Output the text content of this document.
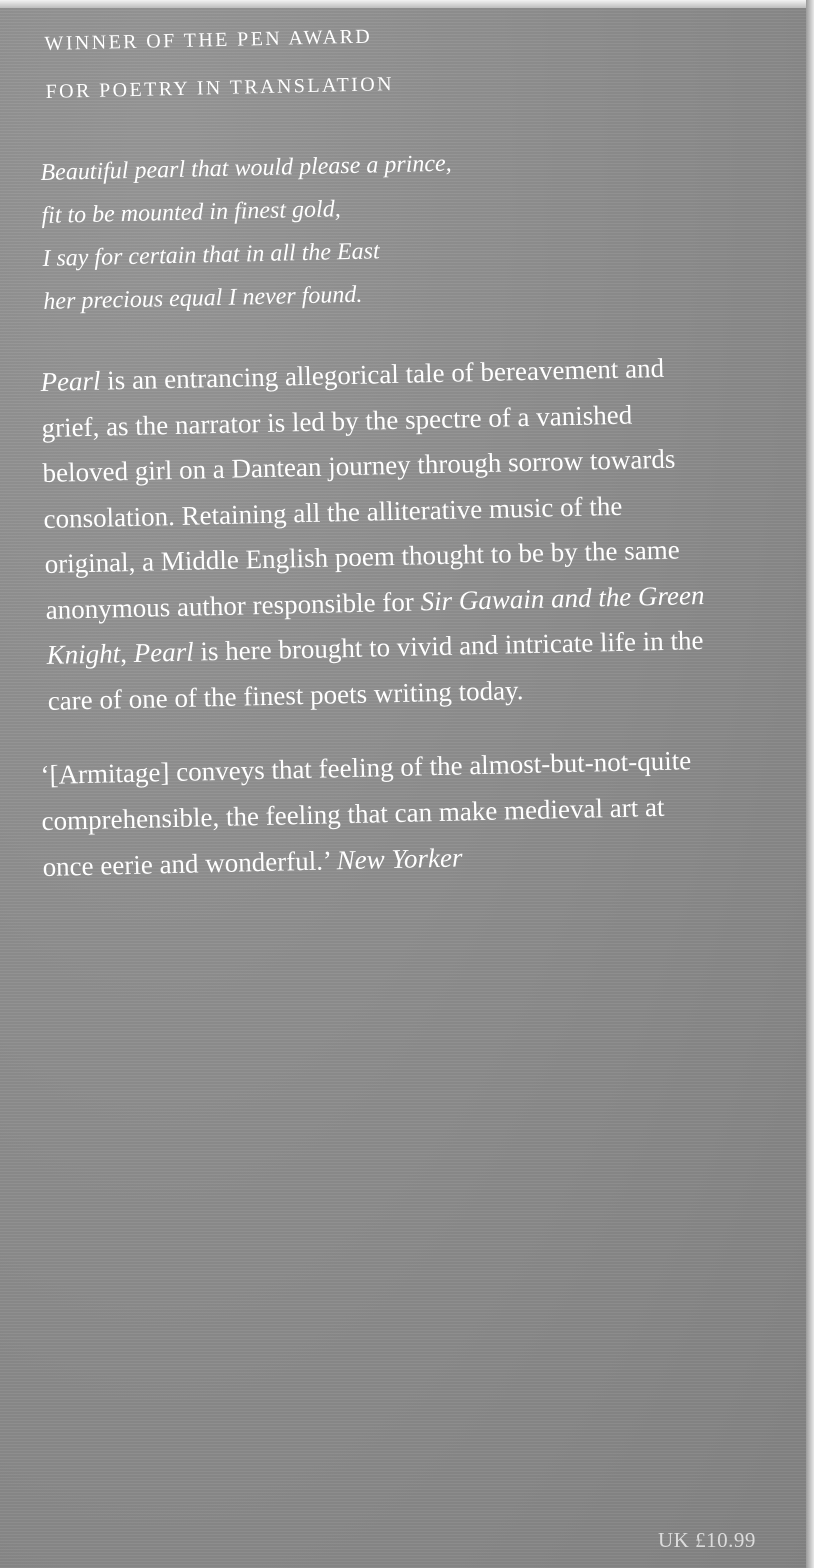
WINNER OF THE PEN AWARD
FOR POETRY IN TRANSLATION
Beautiful pearl that would please a prince,
fit to be mounted in finest gold,
I say for certain that in all the East
her precious equal I never found.
Pearl is an entrancing allegorical tale of bereavement and
grief, as the narrator is led by the spectre of a vanished
beloved girl on a Dantean journey through sorrow towards
consolation. Retaining all the alliterative music of the
original, a Middle English poem thought to be by the same
anonymous author responsible for Sir Gawain and the Green
Knight, Pearl is here brought to vivid and intricate life in the
care of one of the finest poets writing today.
‘[Armitage] conveys that feeling of the almost-but-not-quite
comprehensible, the feeling that can make medieval art at
once eerie and wonderful.’ New Yorker
UK £10.99
